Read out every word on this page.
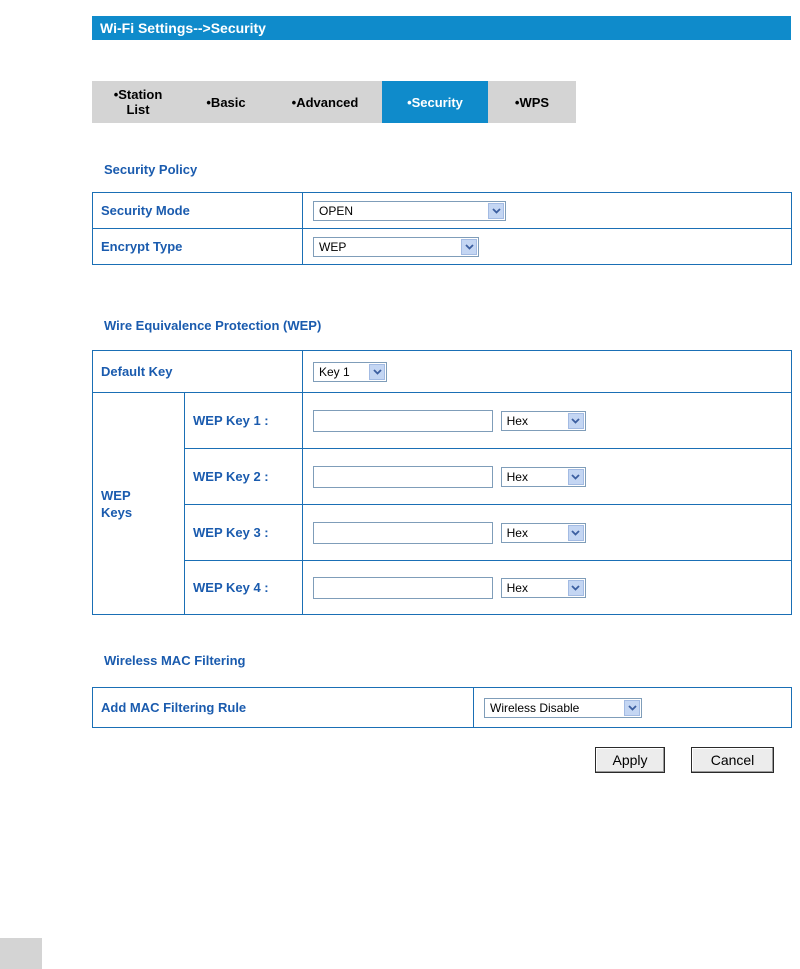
Wi-Fi Settings-->Security
•Station List	•Basic	•Advanced	•Security	•WPS
Security Policy
Security Mode	OPEN

Encrypt Type	WEP
Wire Equivalence Protection (WEP)
Default Key		Key 1

WEP Keys	WEP Key 1 :	Hex

	WEP Key 2 :	Hex

	WEP Key 3 :	Hex

	WEP Key 4 :	Hex
Wireless MAC Filtering
Add MAC Filtering Rule	Wireless Disable
Apply	Cancel
